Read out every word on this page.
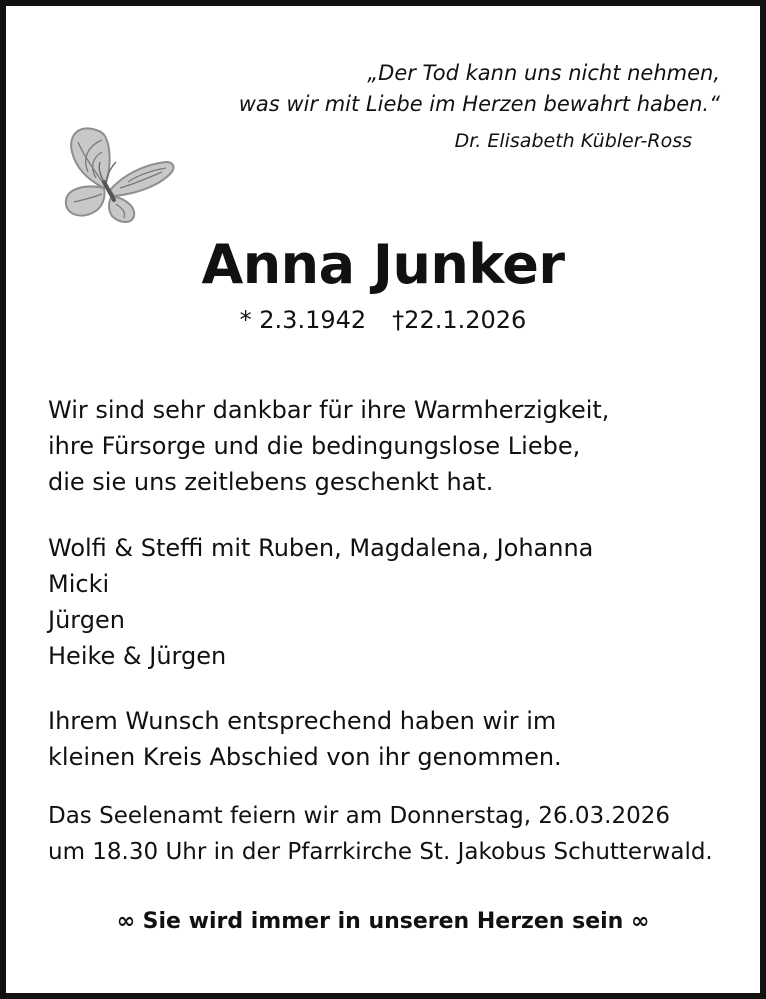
„Der Tod kann uns nicht nehmen,
was wir mit Liebe im Herzen bewahrt haben.“
Dr. Elisabeth Kübler-Ross
Anna Junker
* 2.3.1942 †22.1.2026
Wir sind sehr dankbar für ihre Warmherzigkeit,
ihre Fürsorge und die bedingungslose Liebe,
die sie uns zeitlebens geschenkt hat.
Wolfi & Steffi mit Ruben, Magdalena, Johanna
Micki
Jürgen
Heike & Jürgen
Ihrem Wunsch entsprechend haben wir im
kleinen Kreis Abschied von ihr genommen.
Das Seelenamt feiern wir am Donnerstag, 26.03.2026
um 18.30 Uhr in der Pfarrkirche St. Jakobus Schutterwald.
∞ Sie wird immer in unseren Herzen sein ∞
